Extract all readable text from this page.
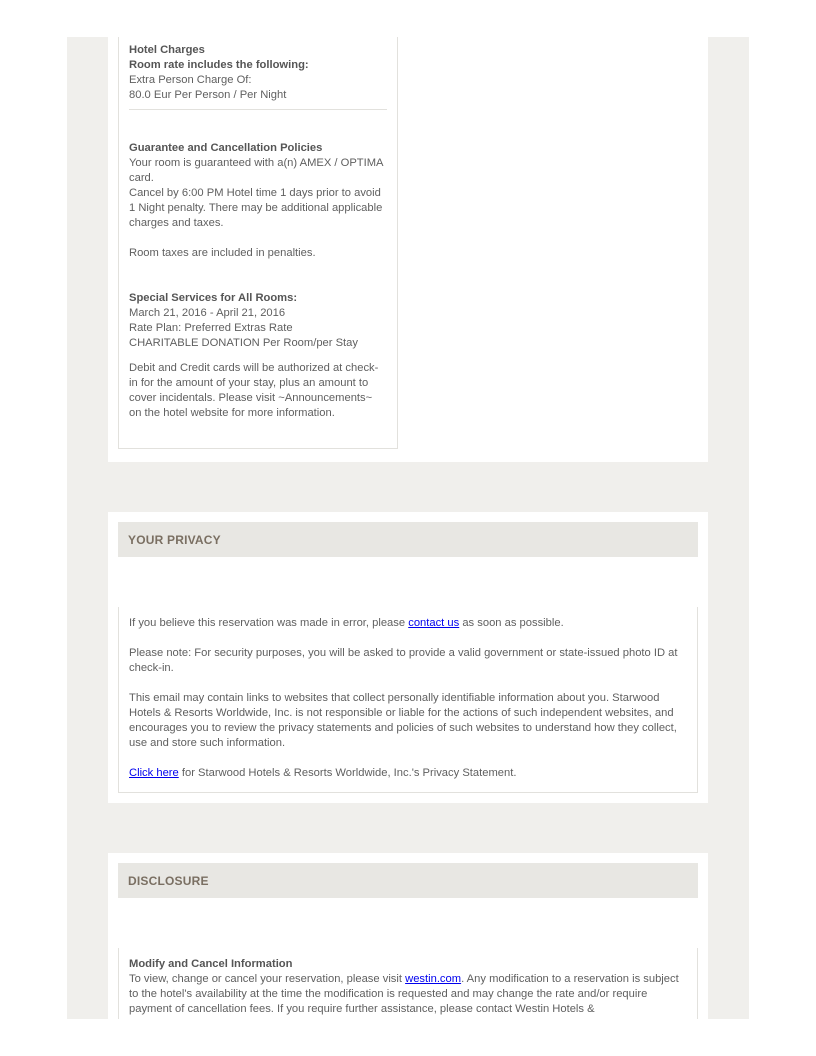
Hotel Charges

Room rate includes the following:

Extra Person Charge Of:

80.0 Eur Per Person / Per Night

Guarantee and Cancellation Policies

Your room is guaranteed with a(n) AMEX / OPTIMA card.

Cancel by 6:00 PM Hotel time 1 days prior to avoid 1 Night penalty. There may be additional applicable charges and taxes.

Room taxes are included in penalties.

Special Services for All Rooms:

March 21, 2016 - April 21, 2016

Rate Plan: Preferred Extras Rate

CHARITABLE DONATION Per Room/per Stay

Debit and Credit cards will be authorized at check-in for the amount of your stay, plus an amount to cover incidentals. Please visit ~Announcements~ on the hotel website for more information.

YOUR PRIVACY

If you believe this reservation was made in error, please contact us as soon as possible.

Please note: For security purposes, you will be asked to provide a valid government or state-issued photo ID at check-in.

This email may contain links to websites that collect personally identifiable information about you. Starwood Hotels & Resorts Worldwide, Inc. is not responsible or liable for the actions of such independent websites, and encourages you to review the privacy statements and policies of such websites to understand how they collect, use and store such information.

Click here for Starwood Hotels & Resorts Worldwide, Inc.'s Privacy Statement.

DISCLOSURE

Modify and Cancel Information

To view, change or cancel your reservation, please visit westin.com. Any modification to a reservation is subject to the hotel's availability at the time the modification is requested and may change the rate and/or require payment of cancellation fees. If you require further assistance, please contact Westin Hotels &
